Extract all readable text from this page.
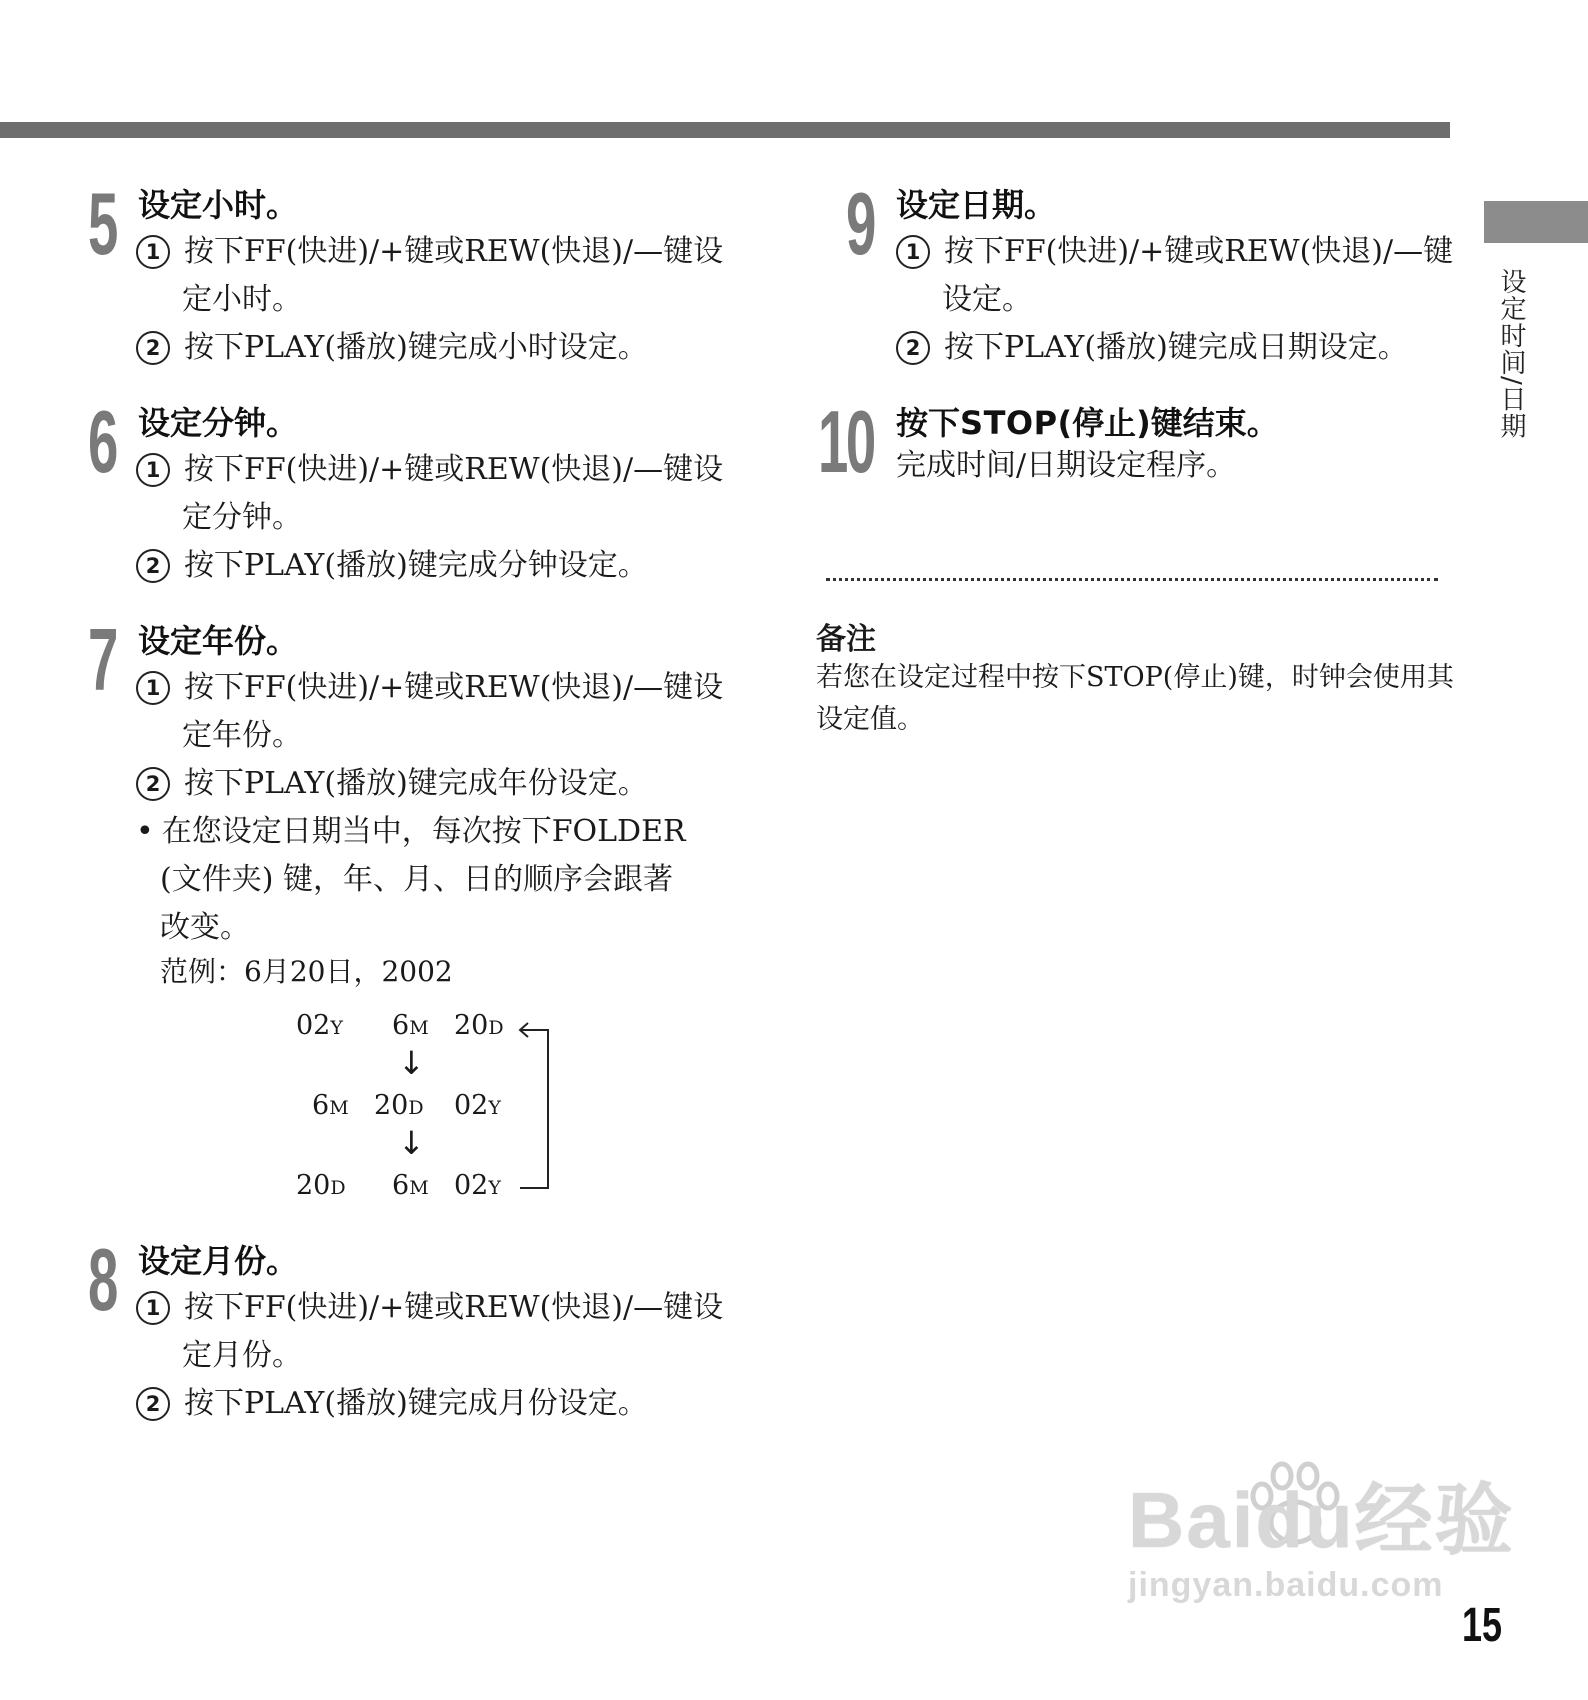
设定时间/日期
5 设定小时。
1 按下FF(快进)/+键或REW(快退)/—键设
定小时。
2 按下PLAY(播放)键完成小时设定。
6 设定分钟。
1 按下FF(快进)/+键或REW(快退)/—键设
定分钟。
2 按下PLAY(播放)键完成分钟设定。
7 设定年份。
1 按下FF(快进)/+键或REW(快退)/—键设
定年份。
2 按下PLAY(播放)键完成年份设定。
• 在您设定日期当中，每次按下FOLDER
(文件夹) 键，年、月、日的顺序会跟著
改变。
范例：6月20日，2002
02Y 6M 20D
↓
6M 20D 02Y
↓
20D 6M 02Y
8 设定月份。
1 按下FF(快进)/+键或REW(快退)/—键设
定月份。
2 按下PLAY(播放)键完成月份设定。
9 设定日期。
1 按下FF(快进)/+键或REW(快退)/—键
设定。
2 按下PLAY(播放)键完成日期设定。
10 按下STOP(停止)键结束。
完成时间/日期设定程序。
备注
若您在设定过程中按下STOP(停止)键，时钟会使用其设定值。
Baidu经验
jingyan.baidu.com
15
